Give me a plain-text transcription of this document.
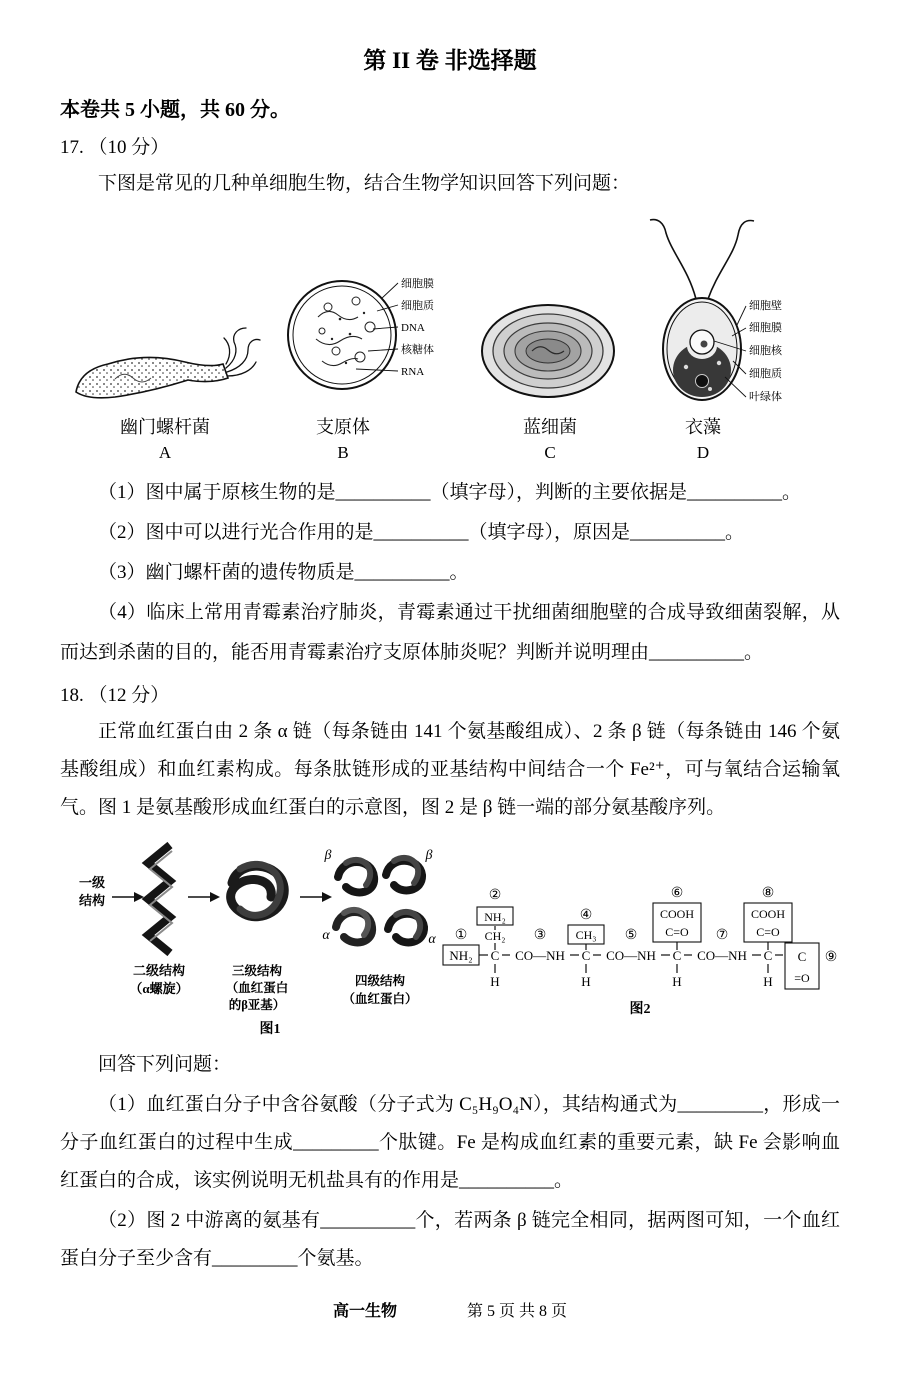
第 II 卷 非选择题
本卷共 5 小题，共 60 分。

17. （10 分）

下图是常见的几种单细胞生物，结合生物学知识回答下列问题：

幽门螺杆菌
A
细胞膜
细胞质
DNA
核糖体
RNA
支原体
B
蓝细菌
C
细胞壁
细胞膜
细胞核
细胞质
叶绿体
衣藻
D

（1）图中属于原核生物的是__________（填字母），判断的主要依据是__________。

（2）图中可以进行光合作用的是__________（填字母），原因是__________。

（3）幽门螺杆菌的遗传物质是__________。

（4）临床上常用青霉素治疗肺炎，青霉素通过干扰细菌细胞壁的合成导致细菌裂解，从而达到杀菌的目的，能否用青霉素治疗支原体肺炎呢？判断并说明理由__________。

18. （12 分）

正常血红蛋白由 2 条 α 链（每条链由 141 个氨基酸组成）、2 条 β 链（每条链由 146 个氨基酸组成）和血红素构成。每条肽链形成的亚基结构中间结合一个 Fe²⁺，可与氧结合运输氧气。图 1 是氨基酸形成血红蛋白的示意图，图 2 是 β 链一端的部分氨基酸序列。

一级
结构
二级结构
（α螺旋）
三级结构
（血红蛋白
的β亚基）
β	β
α	α
四级结构
（血红蛋白）
图1
①
NH₂ C
H
CH₂
NH₂
②
CO—NH
③
C
H
CH₃
④
CO—NH
⑤
C
H
COOH
C=O
⑥
CO—NH
⑦
C
H
COOH
C=O
⑧
C
=O
⑨
图2

回答下列问题：

（1）血红蛋白分子中含谷氨酸（分子式为 C₅H₉O₄N），其结构通式为_________，形成一分子血红蛋白的过程中生成_________个肽键。Fe 是构成血红素的重要元素，缺 Fe 会影响血红蛋白的合成，该实例说明无机盐具有的作用是__________。

（2）图 2 中游离的氨基有__________个，若两条 β 链完全相同，据两图可知，一个血红蛋白分子至少含有_________个氨基。

高一生物	第 5 页 共 8 页
